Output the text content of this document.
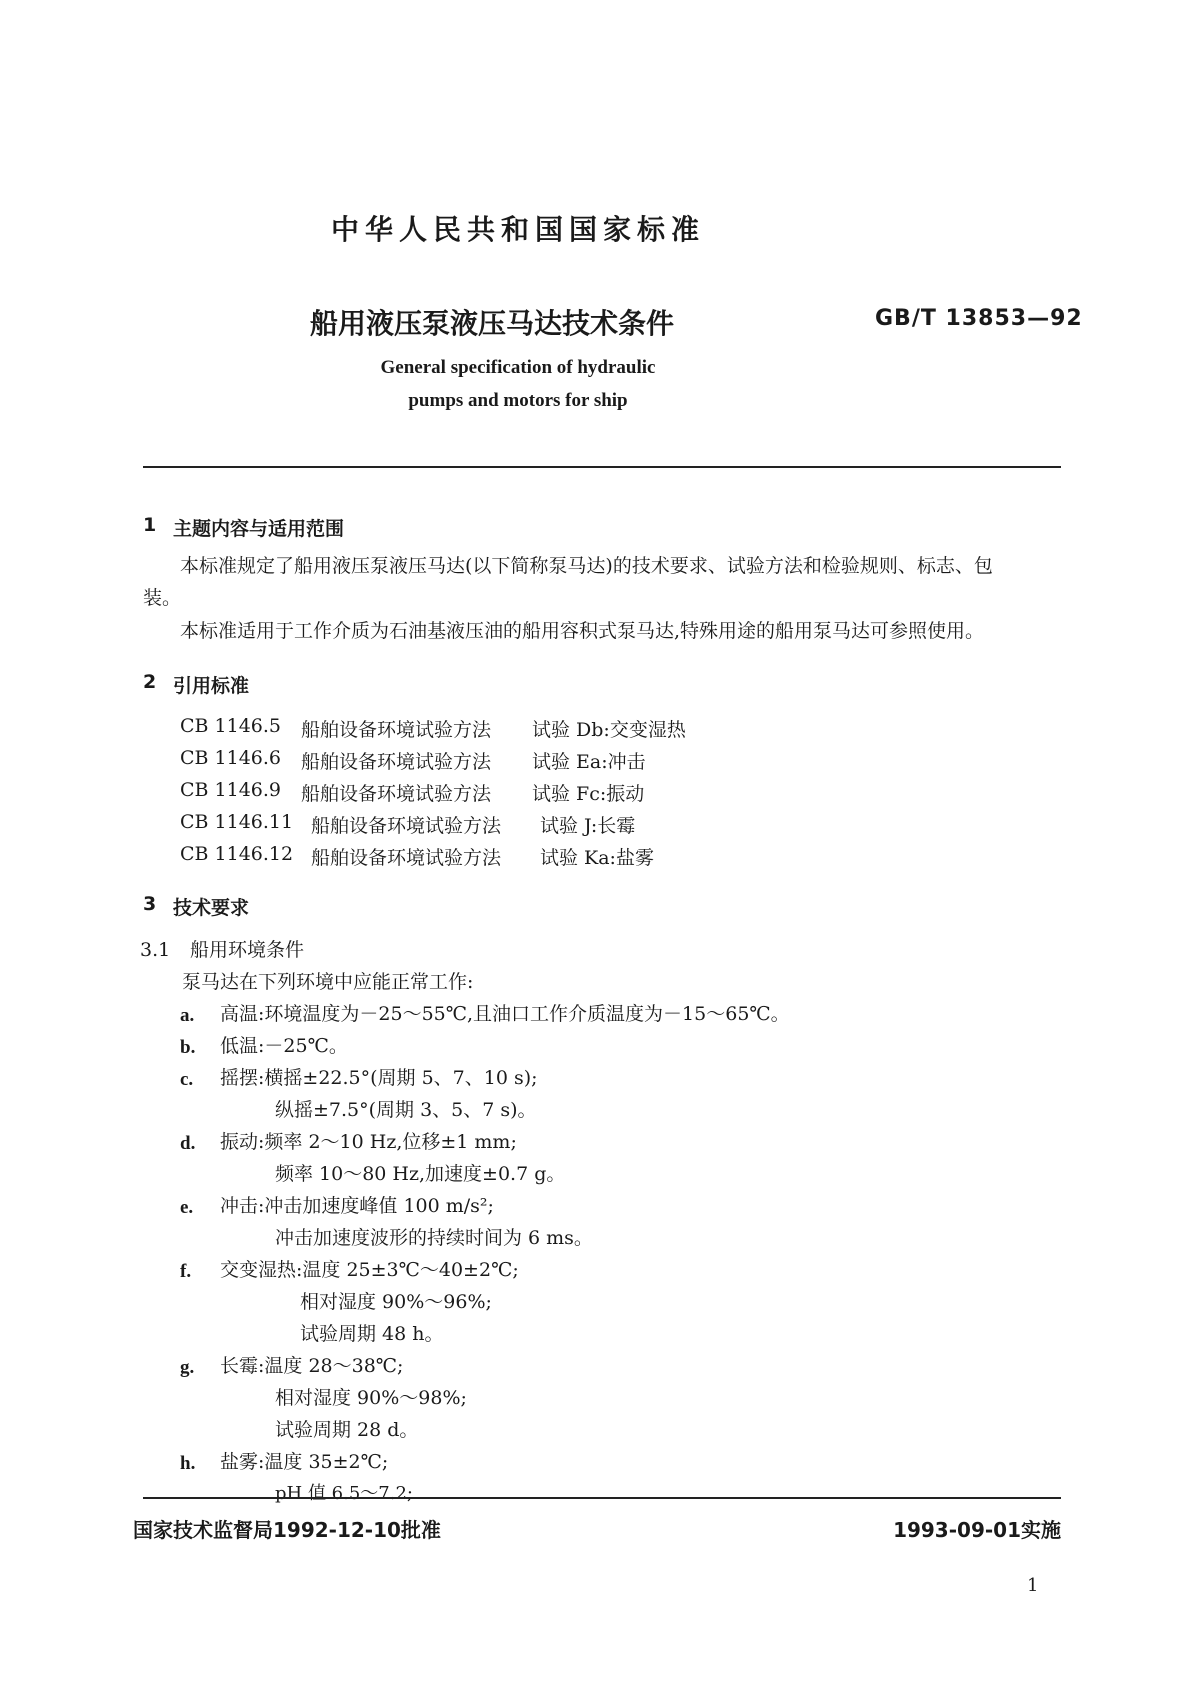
中华人民共和国国家标准
船用液压泵液压马达技术条件	GB/T 13853—92
General specification of hydraulic
pumps and motors for ship
1 主题内容与适用范围
本标准规定了船用液压泵液压马达(以下简称泵马达)的技术要求、试验方法和检验规则、标志、包
装。
本标准适用于工作介质为石油基液压油的船用容积式泵马达,特殊用途的船用泵马达可参照使用。
2 引用标准
CB 1146.5 船舶设备环境试验方法 试验 Db:交变湿热
CB 1146.6 船舶设备环境试验方法 试验 Ea:冲击
CB 1146.9 船舶设备环境试验方法 试验 Fc:振动
CB 1146.11 船舶设备环境试验方法 试验 J:长霉
CB 1146.12 船舶设备环境试验方法 试验 Ka:盐雾
3 技术要求
3.1 船用环境条件
泵马达在下列环境中应能正常工作:
a. 高温:环境温度为－25～55℃,且油口工作介质温度为－15～65℃。
b. 低温:－25℃。
c. 摇摆:横摇±22.5°(周期 5、7、10 s);
纵摇±7.5°(周期 3、5、7 s)。
d. 振动:频率 2～10 Hz,位移±1 mm;
频率 10～80 Hz,加速度±0.7 g。
e. 冲击:冲击加速度峰值 100 m/s²;
冲击加速度波形的持续时间为 6 ms。
f. 交变湿热:温度 25±3℃～40±2℃;
相对湿度 90%～96%;
试验周期 48 h。
g. 长霉:温度 28～38℃;
相对湿度 90%～98%;
试验周期 28 d。
h. 盐雾:温度 35±2℃;
pH 值 6.5～7.2;
国家技术监督局1992-12-10批准	1993-09-01实施
1
